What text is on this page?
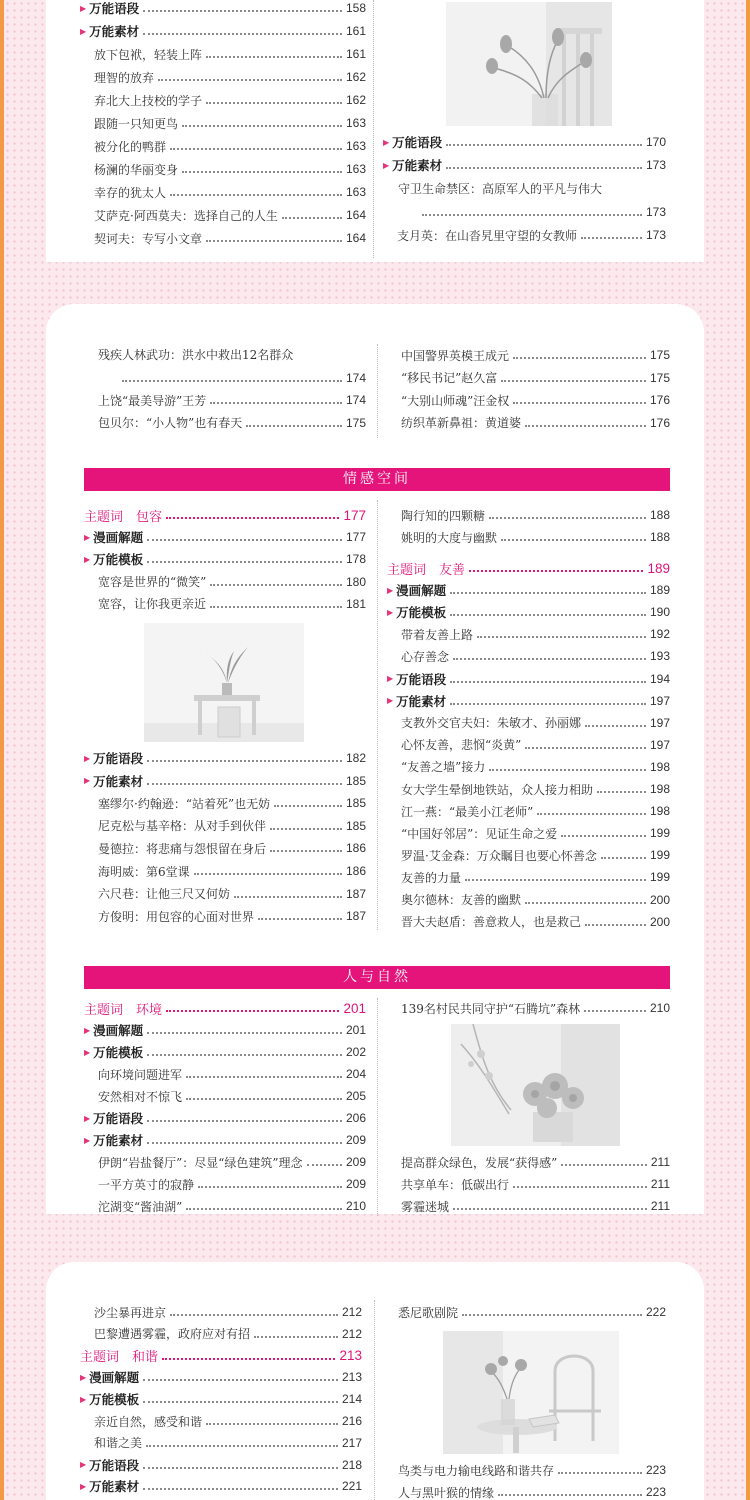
▶ 万能语段	158
▶ 万能素材	161
放下包袱，轻装上阵	161
理智的放弃	162
弃北大上技校的学子	162
跟随一只知更鸟	163
被分化的鸭群	163
杨澜的华丽变身	163
幸存的犹太人	163
艾萨克·阿西莫夫：选择自己的人生	164
契诃夫：专写小文章	164
▶ 万能语段	170
▶ 万能素材	173
守卫生命禁区：高原军人的平凡与伟大
173
支月英：在山沓旯里守望的女教师	173
残疾人林武功：洪水中救出12名群众
174
上饶“最美导游”王芳	174
包贝尔：“小人物”也有春天	175
中国警界英模王成元	175
“移民书记”赵久富	175
“大别山师魂”汪金权	176
纺织革新鼻祖：黄道婆	176
情感空间
主题词　包容	177
▶ 漫画解题	177
▶ 万能模板	178
宽容是世界的“微笑”	180
宽容，让你我更亲近	181
▶ 万能语段	182
▶ 万能素材	185
塞缪尔·约翰逊：“站着死”也无妨	185
尼克松与基辛格：从对手到伙伴	185
曼德拉：将悲痛与怨恨留在身后	186
海明威：第6堂课	186
六尺巷：让他三尺又何妨	187
方俊明：用包容的心面对世界	187
陶行知的四颗糖	188
姚明的大度与幽默	188
主题词　友善	189
▶ 漫画解题	189
▶ 万能模板	190
带着友善上路	192
心存善念	193
▶ 万能语段	194
▶ 万能素材	197
支教外交官夫妇：朱敏才、孙丽娜	197
心怀友善，悲悯“炎黄”	197
“友善之墙”接力	198
女大学生晕倒地铁站，众人接力相助	198
江一燕：“最美小江老师”	198
“中国好邻居”：见证生命之爱	199
罗温·艾金森：万众瞩目也要心怀善念	199
友善的力量	199
奥尔德林：友善的幽默	200
晋大夫赵盾：善意救人，也是救己	200
人与自然
主题词　环境	201
▶ 漫画解题	201
▶ 万能模板	202
向环境问题进军	204
安然相对不惊飞	205
▶ 万能语段	206
▶ 万能素材	209
伊朗“岩盐餐厅”：尽显“绿色建筑”理念	209
一平方英寸的寂静	209
沱湖变“酱油湖”	210
139名村民共同守护“石腾坑”森林	210
提高群众绿色，发展“获得感”	211
共享单车：低碳出行	211
雾霾迷城	211
沙尘暴再进京	212
巴黎遭遇雾霾，政府应对有招	212
主题词　和谐	213
▶ 漫画解题	213
▶ 万能模板	214
亲近自然，感受和谐	216
和谐之美	217
▶ 万能语段	218
▶ 万能素材	221
悉尼歌剧院	222
鸟类与电力输电线路和谐共存	223
人与黑叶猴的情缘	223
